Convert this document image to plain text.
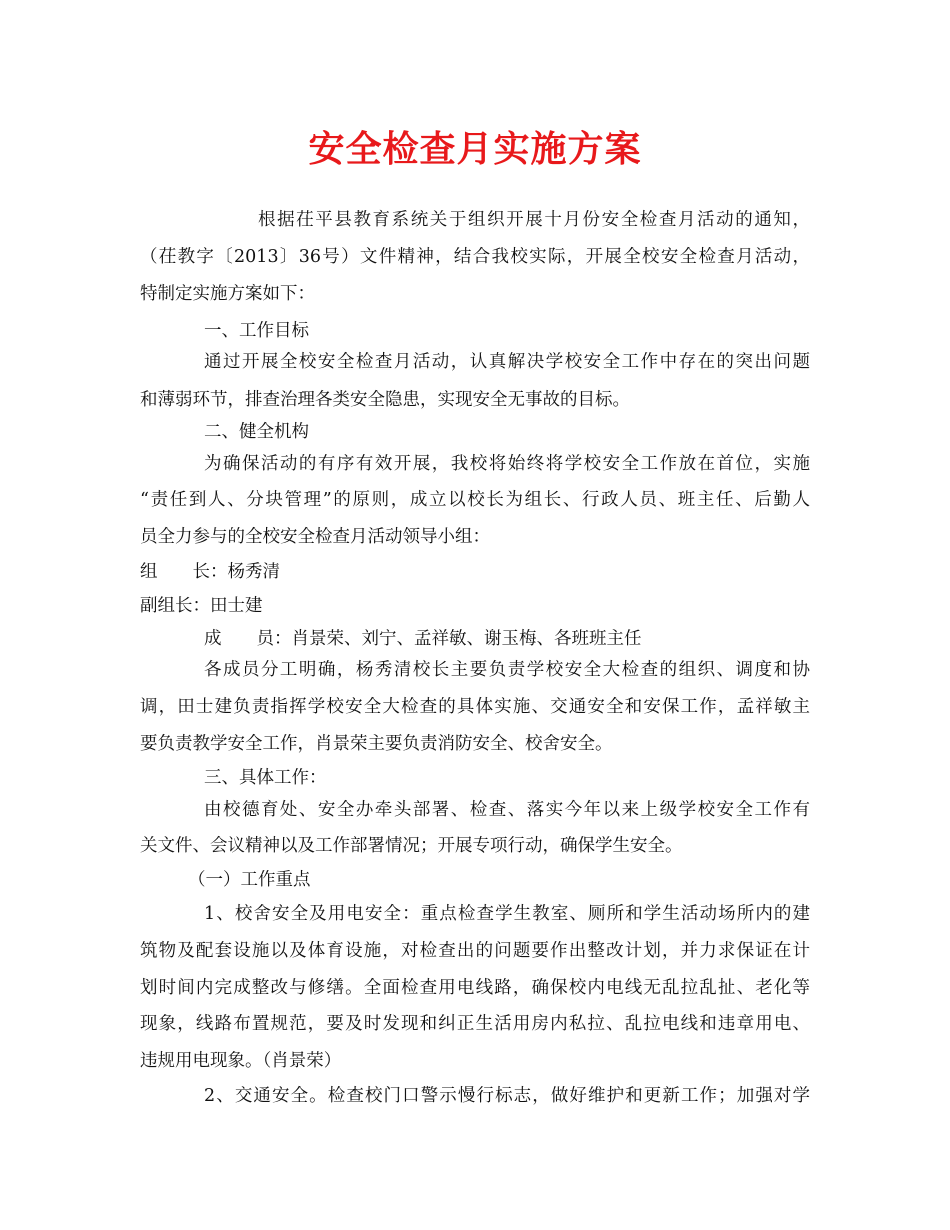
安全检查月实施方案
根据茌平县教育系统关于组织开展十月份安全检查月活动的通知，
（茌教字〔2013〕36号）文件精神，结合我校实际，开展全校安全检查月活动，
特制定实施方案如下：
一、工作目标
通过开展全校安全检查月活动，认真解决学校安全工作中存在的突出问题
和薄弱环节，排查治理各类安全隐患，实现安全无事故的目标。
二、健全机构
为确保活动的有序有效开展，我校将始终将学校安全工作放在首位，实施
“责任到人、分块管理”的原则，成立以校长为组长、行政人员、班主任、后勤人
员全力参与的全校安全检查月活动领导小组：
组　　长：杨秀清
副组长：田士建
成　　员：肖景荣、刘宁、孟祥敏、谢玉梅、各班班主任
各成员分工明确，杨秀清校长主要负责学校安全大检查的组织、调度和协
调，田士建负责指挥学校安全大检查的具体实施、交通安全和安保工作，孟祥敏主
要负责教学安全工作，肖景荣主要负责消防安全、校舍安全。
三、具体工作：
由校德育处、安全办牵头部署、检查、落实今年以来上级学校安全工作有
关文件、会议精神以及工作部署情况；开展专项行动，确保学生安全。
（一）工作重点
1、校舍安全及用电安全：重点检查学生教室、厕所和学生活动场所内的建
筑物及配套设施以及体育设施，对检查出的问题要作出整改计划，并力求保证在计
划时间内完成整改与修缮。全面检查用电线路，确保校内电线无乱拉乱扯、老化等
现象，线路布置规范，要及时发现和纠正生活用房内私拉、乱拉电线和违章用电、
违规用电现象。（肖景荣）
2、交通安全。检查校门口警示慢行标志，做好维护和更新工作；加强对学
